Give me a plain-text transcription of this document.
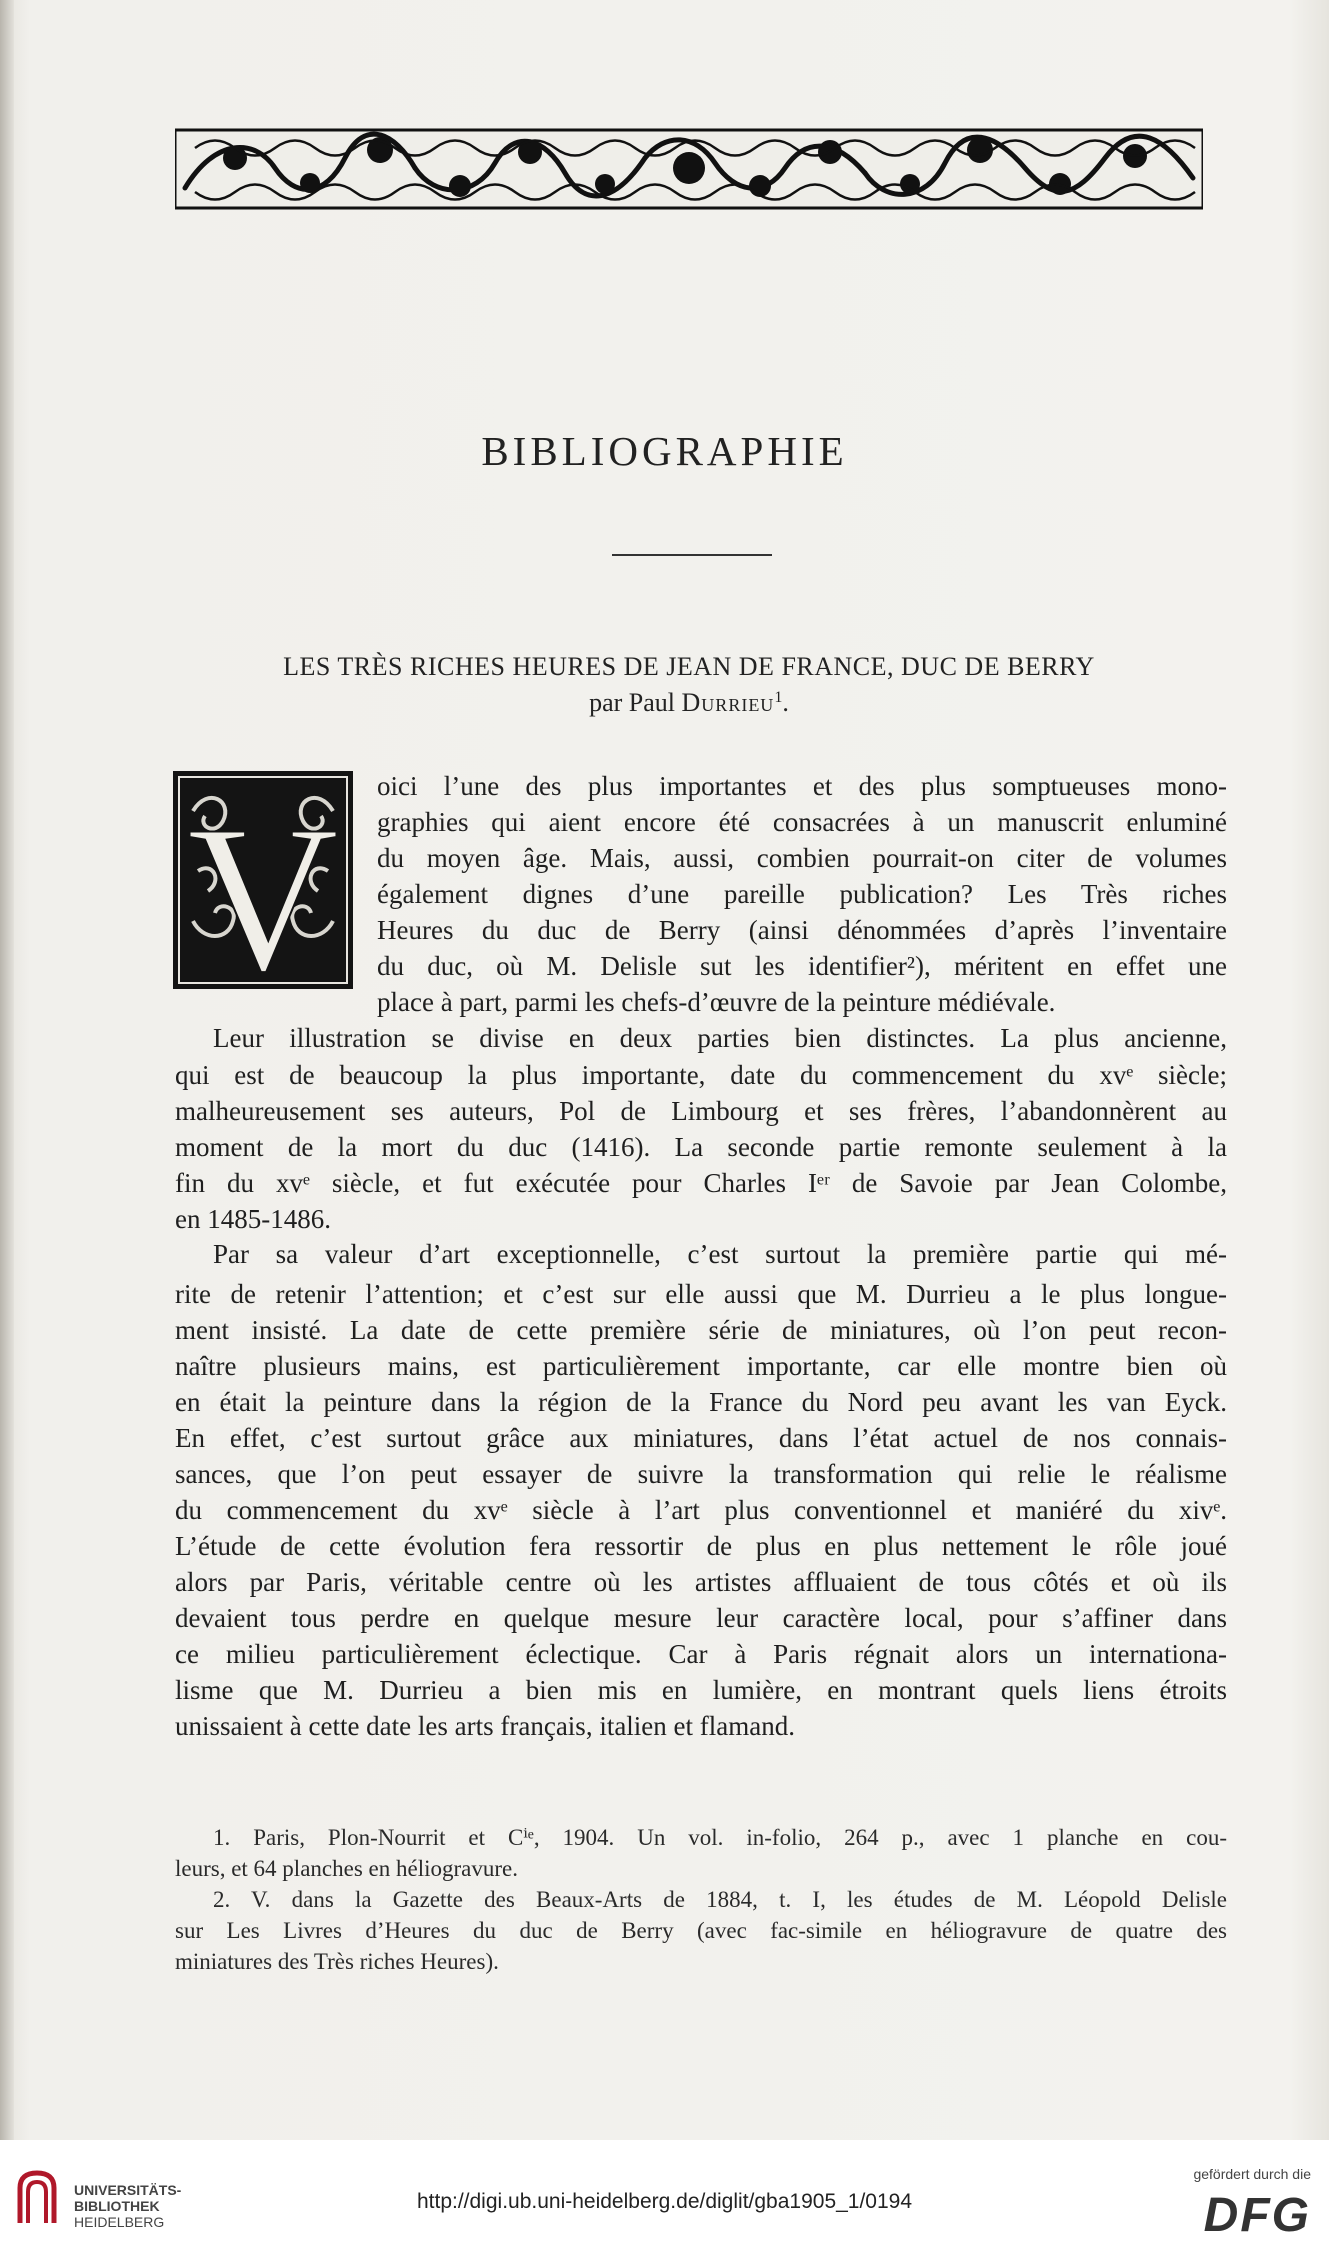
BIBLIOGRAPHIE
LES TRÈS RICHES HEURES DE JEAN DE FRANCE, DUC DE BERRY
par Paul Durrieu$^1$.
V oici l’une des plus importantes et des plus somptueuses mono-
graphies qui aient encore été consacrées à un manuscrit enluminé
du moyen âge. Mais, aussi, combien pourrait-on citer de volumes
également dignes d’une pareille publication? Les Très riches
Heures du duc de Berry (ainsi dénommées d’après l’inventaire
du duc, où M. Delisle sut les identifier²), méritent en effet une
place à part, parmi les chefs-d’œuvre de la peinture médiévale.
Leur illustration se divise en deux parties bien distinctes. La plus ancienne,
qui est de beaucoup la plus importante, date du commencement du xvᵉ siècle;
malheureusement ses auteurs, Pol de Limbourg et ses frères, l’abandonnèrent au
moment de la mort du duc (1416). La seconde partie remonte seulement à la
fin du xvᵉ siècle, et fut exécutée pour Charles Iᵉʳ de Savoie par Jean Colombe,
en 1485-1486.
Par sa valeur d’art exceptionnelle, c’est surtout la première partie qui mé-
rite de retenir l’attention; et c’est sur elle aussi que M. Durrieu a le plus longue-
ment insisté. La date de cette première série de miniatures, où l’on peut recon-
naître plusieurs mains, est particulièrement importante, car elle montre bien où
en était la peinture dans la région de la France du Nord peu avant les van Eyck.
En effet, c’est surtout grâce aux miniatures, dans l’état actuel de nos connais-
sances, que l’on peut essayer de suivre la transformation qui relie le réalisme
du commencement du xvᵉ siècle à l’art plus conventionnel et maniéré du xivᵉ.
L’étude de cette évolution fera ressortir de plus en plus nettement le rôle joué
alors par Paris, véritable centre où les artistes affluaient de tous côtés et où ils
devaient tous perdre en quelque mesure leur caractère local, pour s’affiner dans
ce milieu particulièrement éclectique. Car à Paris régnait alors un internationa-
lisme que M. Durrieu a bien mis en lumière, en montrant quels liens étroits
unissaient à cette date les arts français, italien et flamand.
1. Paris, Plon-Nourrit et Cⁱᵉ, 1904. Un vol. in-folio, 264 p., avec 1 planche en cou-
leurs, et 64 planches en héliogravure.
2. V. dans la Gazette des Beaux-Arts de 1884, t. I, les études de M. Léopold Delisle
sur Les Livres d’Heures du duc de Berry (avec fac-simile en héliogravure de quatre des
miniatures des Très riches Heures).
UNIVERSITÄTS-
BIBLIOTHEK
HEIDELBERG
http://digi.ub.uni-heidelberg.de/diglit/gba1905_1/0194
gefördert durch die
DFG
